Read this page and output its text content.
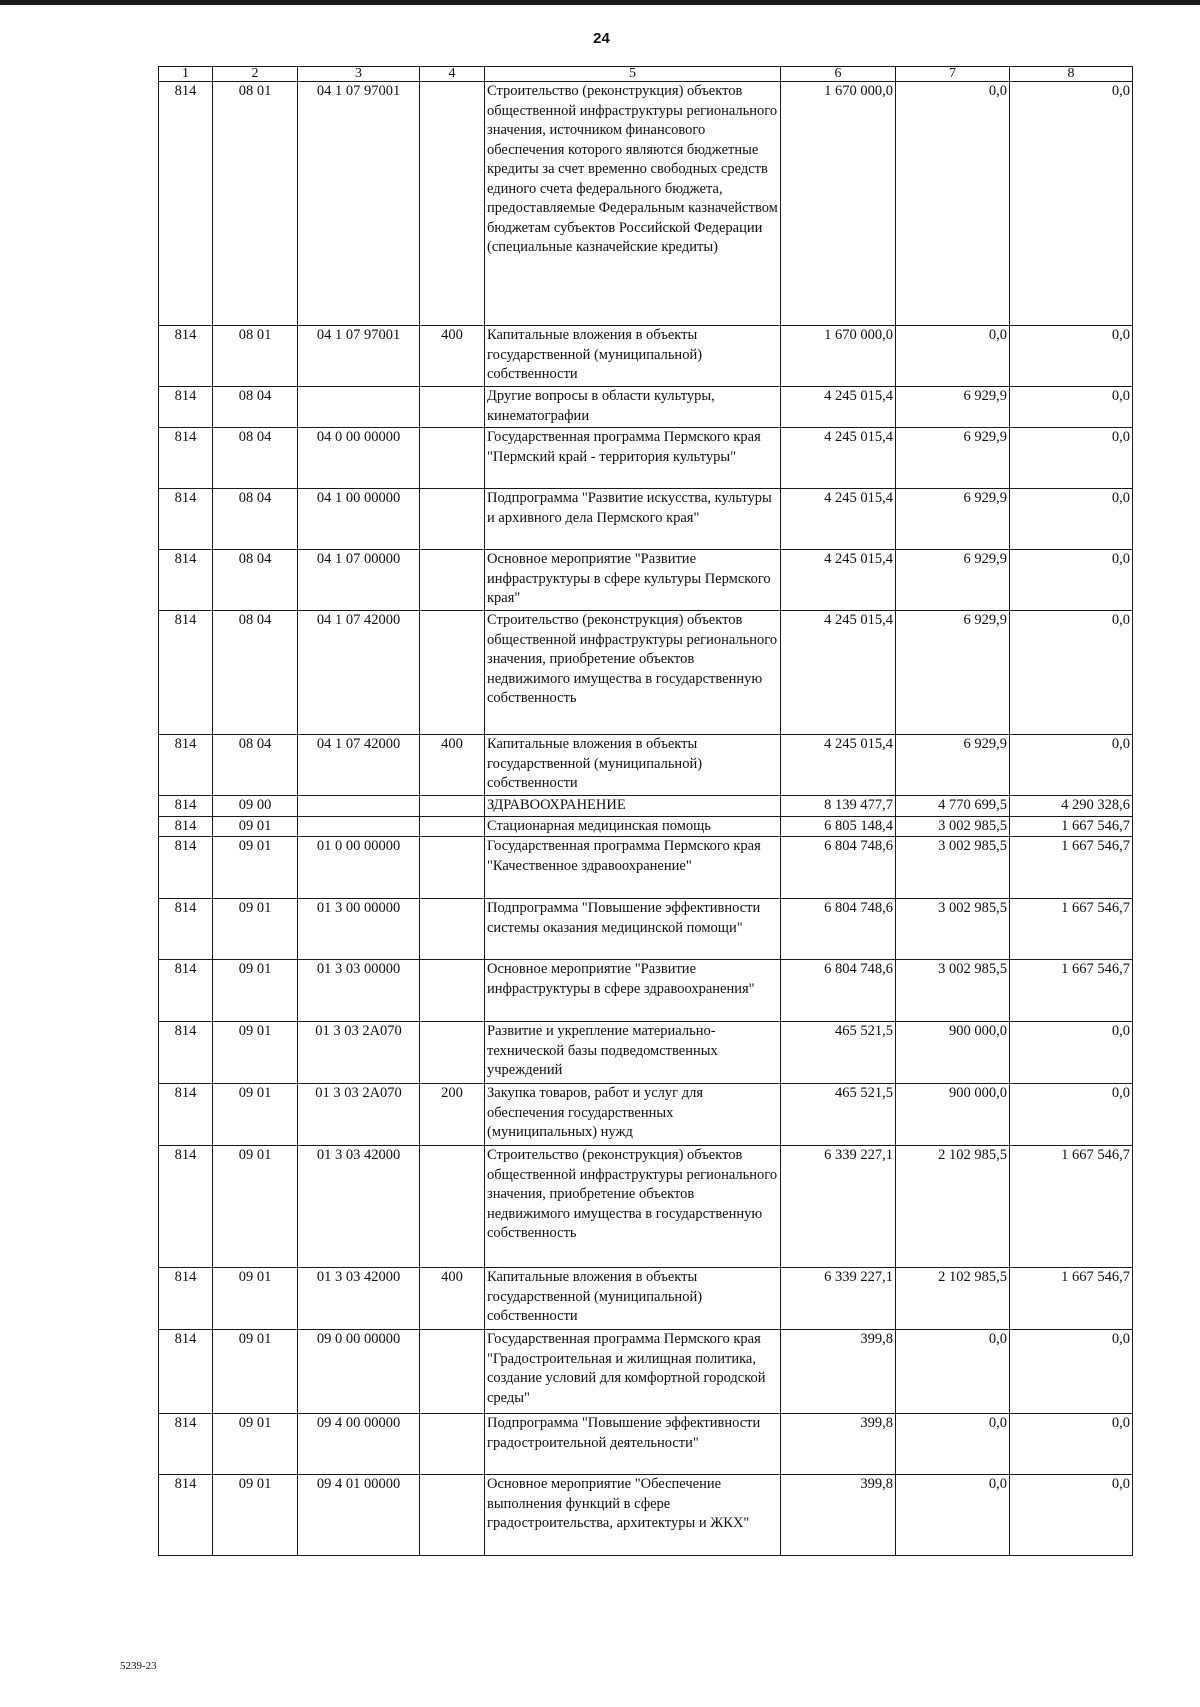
24
1	2	3	4	5	6	7	8
814	08 01	04 1 07 97001		Строительство (реконструкция) объектов общественной инфраструктуры регионального значения, источником финансового обеспечения которого являются бюджетные кредиты за счет временно свободных средств единого счета федерального бюджета, предоставляемые Федеральным казначейством бюджетам субъектов Российской Федерации (специальные казначейские кредиты)	1 670 000,0	0,0	0,0
814	08 01	04 1 07 97001	400	Капитальные вложения в объекты государственной (муниципальной) собственности	1 670 000,0	0,0	0,0
814	08 04			Другие вопросы в области культуры, кинематографии	4 245 015,4	6 929,9	0,0
814	08 04	04 0 00 00000		Государственная программа Пермского края "Пермский край - территория культуры"	4 245 015,4	6 929,9	0,0
814	08 04	04 1 00 00000		Подпрограмма "Развитие искусства, культуры и архивного дела Пермского края"	4 245 015,4	6 929,9	0,0
814	08 04	04 1 07 00000		Основное мероприятие "Развитие инфраструктуры в сфере культуры Пермского края"	4 245 015,4	6 929,9	0,0
814	08 04	04 1 07 42000		Строительство (реконструкция) объектов общественной инфраструктуры регионального значения, приобретение объектов недвижимого имущества в государственную собственность	4 245 015,4	6 929,9	0,0
814	08 04	04 1 07 42000	400	Капитальные вложения в объекты государственной (муниципальной) собственности	4 245 015,4	6 929,9	0,0
814	09 00			ЗДРАВООХРАНЕНИЕ	8 139 477,7	4 770 699,5	4 290 328,6
814	09 01			Стационарная медицинская помощь	6 805 148,4	3 002 985,5	1 667 546,7
814	09 01	01 0 00 00000		Государственная программа Пермского края "Качественное здравоохранение"	6 804 748,6	3 002 985,5	1 667 546,7
814	09 01	01 3 00 00000		Подпрограмма "Повышение эффективности системы оказания медицинской помощи"	6 804 748,6	3 002 985,5	1 667 546,7
814	09 01	01 3 03 00000		Основное мероприятие "Развитие инфраструктуры в сфере здравоохранения"	6 804 748,6	3 002 985,5	1 667 546,7
814	09 01	01 3 03 2А070		Развитие и укрепление материально-технической базы подведомственных учреждений	465 521,5	900 000,0	0,0
814	09 01	01 3 03 2А070	200	Закупка товаров, работ и услуг для обеспечения государственных (муниципальных) нужд	465 521,5	900 000,0	0,0
814	09 01	01 3 03 42000		Строительство (реконструкция) объектов общественной инфраструктуры регионального значения, приобретение объектов недвижимого имущества в государственную собственность	6 339 227,1	2 102 985,5	1 667 546,7
814	09 01	01 3 03 42000	400	Капитальные вложения в объекты государственной (муниципальной) собственности	6 339 227,1	2 102 985,5	1 667 546,7
814	09 01	09 0 00 00000		Государственная программа Пермского края "Градостроительная и жилищная политика, создание условий для комфортной городской среды"	399,8	0,0	0,0
814	09 01	09 4 00 00000		Подпрограмма "Повышение эффективности градостроительной деятельности"	399,8	0,0	0,0
814	09 01	09 4 01 00000		Основное мероприятие "Обеспечение выполнения функций в сфере градостроительства, архитектуры и ЖКХ"	399,8	0,0	0,0
5239-23
